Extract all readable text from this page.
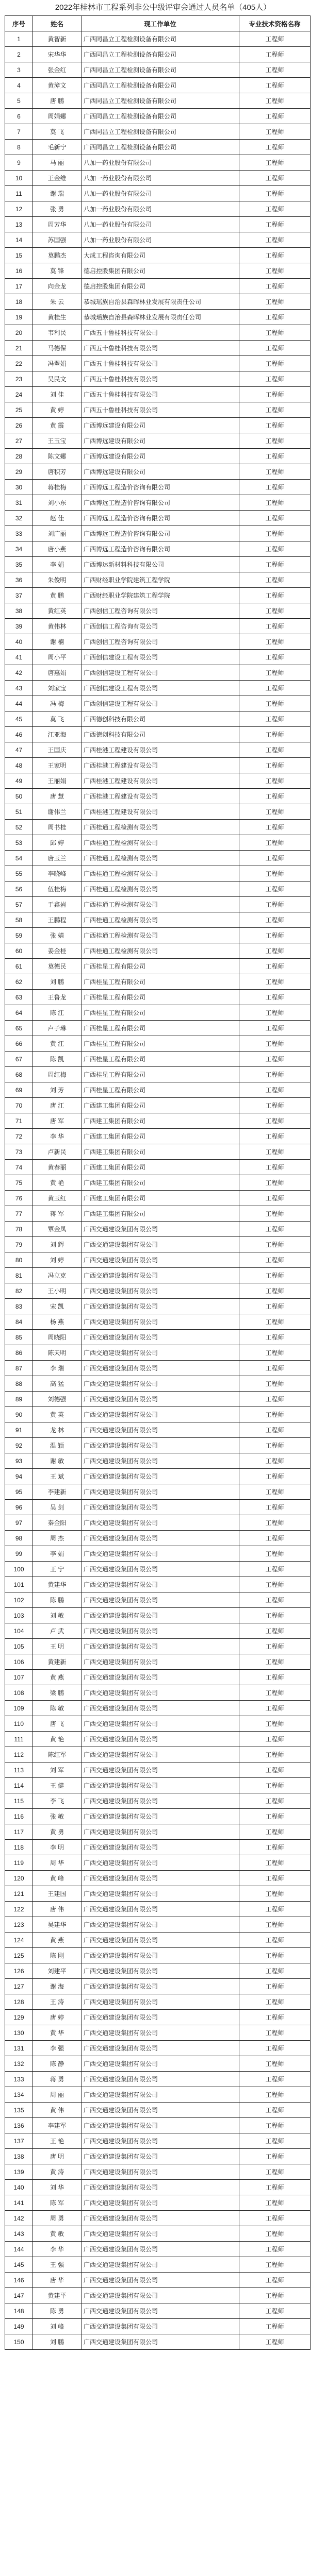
2022年桂林市工程系列非公中级评审会通过人员名单（405人）
序号	姓名	现工作单位	专业技术资格名称
1	黄智新	广西同昌立工程检测设备有限公司	工程师
2	宋华华	广西同昌立工程检测设备有限公司	工程师
3	张金红	广西同昌立工程检测设备有限公司	工程师
4	黄漳文	广西同昌立工程检测设备有限公司	工程师
5	唐 鹏	广西同昌立工程检测设备有限公司	工程师
6	周娟娜	广西同昌立工程检测设备有限公司	工程师
7	莫 飞	广西同昌立工程检测设备有限公司	工程师
8	毛新宁	广西同昌立工程检测设备有限公司	工程师
9	马 丽	八加一药业股份有限公司	工程师
10	王金维	八加一药业股份有限公司	工程师
11	谢 瑞	八加一药业股份有限公司	工程师
12	张 勇	八加一药业股份有限公司	工程师
13	周芳华	八加一药业股份有限公司	工程师
14	苏国强	八加一药业股份有限公司	工程师
15	莫鹏杰	大成工程咨询有限公司	工程师
16	莫 锋	德启控股集团有限公司	工程师
17	向金龙	德启控股集团有限公司	工程师
18	朱 云	恭城瑶族自治县森晖林业发展有限责任公司	工程师
19	黄桂生	恭城瑶族自治县森晖林业发展有限责任公司	工程师
20	韦利民	广西五十鲁桂科技有限公司	工程师
21	马德保	广西五十鲁桂科技有限公司	工程师
22	冯翠娟	广西五十鲁桂科技有限公司	工程师
23	吴民文	广西五十鲁桂科技有限公司	工程师
24	刘 佳	广西五十鲁桂科技有限公司	工程师
25	黄 婷	广西五十鲁桂科技有限公司	工程师
26	黄 霞	广西博远建设有限公司	工程师
27	王玉宝	广西博远建设有限公司	工程师
28	陈文娜	广西博远建设有限公司	工程师
29	唐积芳	广西博远建设有限公司	工程师
30	蒋桂梅	广西博远工程造价咨询有限公司	工程师
31	刘小东	广西博远工程造价咨询有限公司	工程师
32	赵 佳	广西博远工程造价咨询有限公司	工程师
33	刘广丽	广西博远工程造价咨询有限公司	工程师
34	唐小燕	广西博远工程造价咨询有限公司	工程师
35	李 娟	广西博达新材料科技有限公司	工程师
36	朱俊明	广西财经职业学院建筑工程学院	工程师
37	黄 鹏	广西财经职业学院建筑工程学院	工程师
38	黄红英	广西创信工程咨询有限公司	工程师
39	黄伟林	广西创信工程咨询有限公司	工程师
40	谢 楠	广西创信工程咨询有限公司	工程师
41	周小平	广西创信建设工程有限公司	工程师
42	唐惠娟	广西创信建设工程有限公司	工程师
43	刘家宝	广西创信建设工程有限公司	工程师
44	冯 梅	广西创信建设工程有限公司	工程师
45	莫 飞	广西德创科技有限公司	工程师
46	江亚海	广西德创科技有限公司	工程师
47	王国庆	广西桂港工程建设有限公司	工程师
48	王家明	广西桂港工程建设有限公司	工程师
49	王丽娟	广西桂港工程建设有限公司	工程师
50	唐 慧	广西桂港工程建设有限公司	工程师
51	谢伟兰	广西桂港工程建设有限公司	工程师
52	周书桂	广西桂通工程检测有限公司	工程师
53	邱 婷	广西桂通工程检测有限公司	工程师
54	唐玉兰	广西桂通工程检测有限公司	工程师
55	李晓峰	广西桂通工程检测有限公司	工程师
56	伍桂梅	广西桂通工程检测有限公司	工程师
57	于鑫岩	广西桂通工程检测有限公司	工程师
58	王鹏程	广西桂通工程检测有限公司	工程师
59	张 婧	广西桂通工程检测有限公司	工程师
60	姜金桂	广西桂通工程检测有限公司	工程师
61	莫德民	广西桂星工程有限公司	工程师
62	刘 鹏	广西桂星工程有限公司	工程师
63	王鲁龙	广西桂星工程有限公司	工程师
64	陈 江	广西桂星工程有限公司	工程师
65	卢子琳	广西桂星工程有限公司	工程师
66	黄 江	广西桂星工程有限公司	工程师
67	陈 凯	广西桂星工程有限公司	工程师
68	周红梅	广西桂星工程有限公司	工程师
69	刘 芳	广西桂星工程有限公司	工程师
70	唐 江	广西建工集团有限公司	工程师
71	唐 军	广西建工集团有限公司	工程师
72	李 华	广西建工集团有限公司	工程师
73	卢新民	广西建工集团有限公司	工程师
74	黄春丽	广西建工集团有限公司	工程师
75	黄 艳	广西建工集团有限公司	工程师
76	黄玉红	广西建工集团有限公司	工程师
77	蒋 军	广西建工集团有限公司	工程师
78	覃金凤	广西交通建设集团有限公司	工程师
79	刘 辉	广西交通建设集团有限公司	工程师
80	刘 婷	广西交通建设集团有限公司	工程师
81	冯立克	广西交通建设集团有限公司	工程师
82	王小明	广西交通建设集团有限公司	工程师
83	宋 凯	广西交通建设集团有限公司	工程师
84	杨 燕	广西交通建设集团有限公司	工程师
85	周晓阳	广西交通建设集团有限公司	工程师
86	陈天明	广西交通建设集团有限公司	工程师
87	李 瑞	广西交通建设集团有限公司	工程师
88	高 猛	广西交通建设集团有限公司	工程师
89	刘德强	广西交通建设集团有限公司	工程师
90	黄 英	广西交通建设集团有限公司	工程师
91	龙 林	广西交通建设集团有限公司	工程师
92	温 颖	广西交通建设集团有限公司	工程师
93	谢 敏	广西交通建设集团有限公司	工程师
94	王 斌	广西交通建设集团有限公司	工程师
95	李建新	广西交通建设集团有限公司	工程师
96	吴 剑	广西交通建设集团有限公司	工程师
97	秦金阳	广西交通建设集团有限公司	工程师
98	周 杰	广西交通建设集团有限公司	工程师
99	李 娟	广西交通建设集团有限公司	工程师
100	王 宁	广西交通建设集团有限公司	工程师
101	黄建华	广西交通建设集团有限公司	工程师
102	陈 鹏	广西交通建设集团有限公司	工程师
103	刘 敏	广西交通建设集团有限公司	工程师
104	卢 武	广西交通建设集团有限公司	工程师
105	王 明	广西交通建设集团有限公司	工程师
106	黄建新	广西交通建设集团有限公司	工程师
107	黄 燕	广西交通建设集团有限公司	工程师
108	梁 鹏	广西交通建设集团有限公司	工程师
109	陈 敏	广西交通建设集团有限公司	工程师
110	唐 飞	广西交通建设集团有限公司	工程师
111	黄 艳	广西交通建设集团有限公司	工程师
112	陈红军	广西交通建设集团有限公司	工程师
113	刘 军	广西交通建设集团有限公司	工程师
114	王 健	广西交通建设集团有限公司	工程师
115	李 飞	广西交通建设集团有限公司	工程师
116	张 敏	广西交通建设集团有限公司	工程师
117	黄 勇	广西交通建设集团有限公司	工程师
118	李 明	广西交通建设集团有限公司	工程师
119	周 华	广西交通建设集团有限公司	工程师
120	黄 峰	广西交通建设集团有限公司	工程师
121	王建国	广西交通建设集团有限公司	工程师
122	唐 伟	广西交通建设集团有限公司	工程师
123	吴建华	广西交通建设集团有限公司	工程师
124	黄 燕	广西交通建设集团有限公司	工程师
125	陈 刚	广西交通建设集团有限公司	工程师
126	刘建平	广西交通建设集团有限公司	工程师
127	谢 海	广西交通建设集团有限公司	工程师
128	王 涛	广西交通建设集团有限公司	工程师
129	唐 婷	广西交通建设集团有限公司	工程师
130	黄 华	广西交通建设集团有限公司	工程师
131	李 强	广西交通建设集团有限公司	工程师
132	陈 静	广西交通建设集团有限公司	工程师
133	蒋 勇	广西交通建设集团有限公司	工程师
134	周 丽	广西交通建设集团有限公司	工程师
135	黄 伟	广西交通建设集团有限公司	工程师
136	李建军	广西交通建设集团有限公司	工程师
137	王 艳	广西交通建设集团有限公司	工程师
138	唐 明	广西交通建设集团有限公司	工程师
139	黄 涛	广西交通建设集团有限公司	工程师
140	刘 华	广西交通建设集团有限公司	工程师
141	陈 军	广西交通建设集团有限公司	工程师
142	周 勇	广西交通建设集团有限公司	工程师
143	黄 敏	广西交通建设集团有限公司	工程师
144	李 华	广西交通建设集团有限公司	工程师
145	王 强	广西交通建设集团有限公司	工程师
146	唐 华	广西交通建设集团有限公司	工程师
147	黄建平	广西交通建设集团有限公司	工程师
148	陈 勇	广西交通建设集团有限公司	工程师
149	刘 峰	广西交通建设集团有限公司	工程师
150	刘 鹏	广西交通建设集团有限公司	工程师
